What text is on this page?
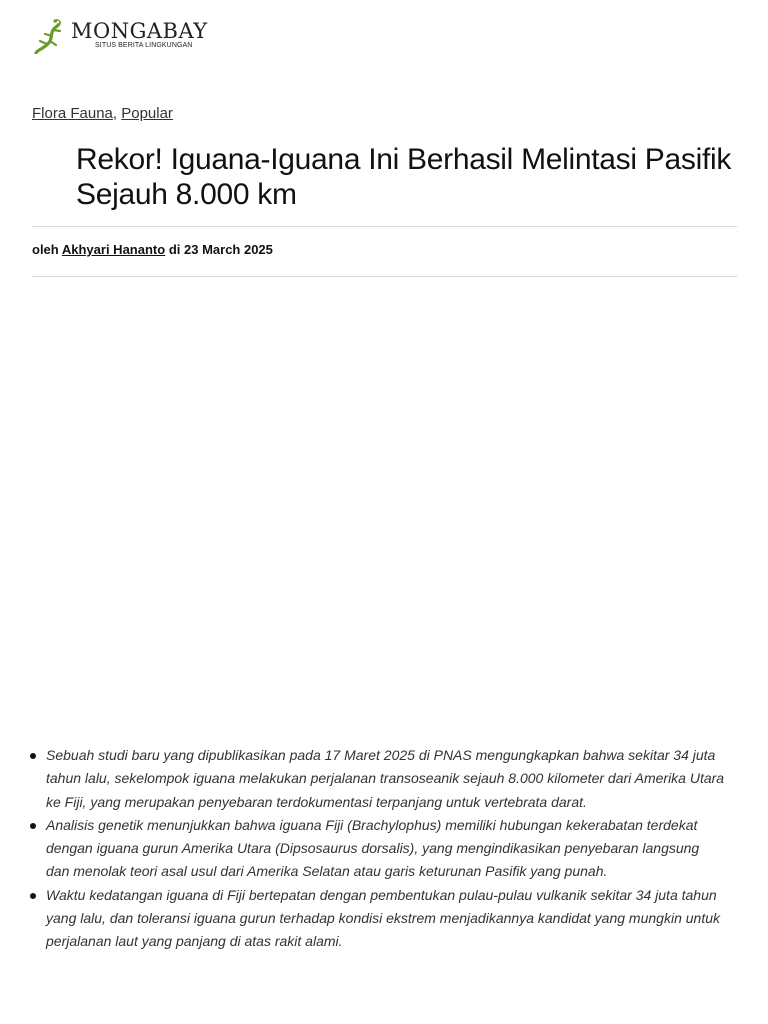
MONGABAY
SITUS BERITA LINGKUNGAN
Flora Fauna, Popular
Rekor! Iguana-Iguana Ini Berhasil Melintasi Pasifik Sejauh 8.000 km
oleh Akhyari Hananto di 23 March 2025
Sebuah studi baru yang dipublikasikan pada 17 Maret 2025 di PNAS mengungkapkan bahwa sekitar 34 juta tahun lalu, sekelompok iguana melakukan perjalanan transoseanik sejauh 8.000 kilometer dari Amerika Utara ke Fiji, yang merupakan penyebaran terdokumentasi terpanjang untuk vertebrata darat.
Analisis genetik menunjukkan bahwa iguana Fiji (Brachylophus) memiliki hubungan kekerabatan terdekat dengan iguana gurun Amerika Utara (Dipsosaurus dorsalis), yang mengindikasikan penyebaran langsung dan menolak teori asal usul dari Amerika Selatan atau garis keturunan Pasifik yang punah.
Waktu kedatangan iguana di Fiji bertepatan dengan pembentukan pulau-pulau vulkanik sekitar 34 juta tahun yang lalu, dan toleransi iguana gurun terhadap kondisi ekstrem menjadikannya kandidat yang mungkin untuk perjalanan laut yang panjang di atas rakit alami.
